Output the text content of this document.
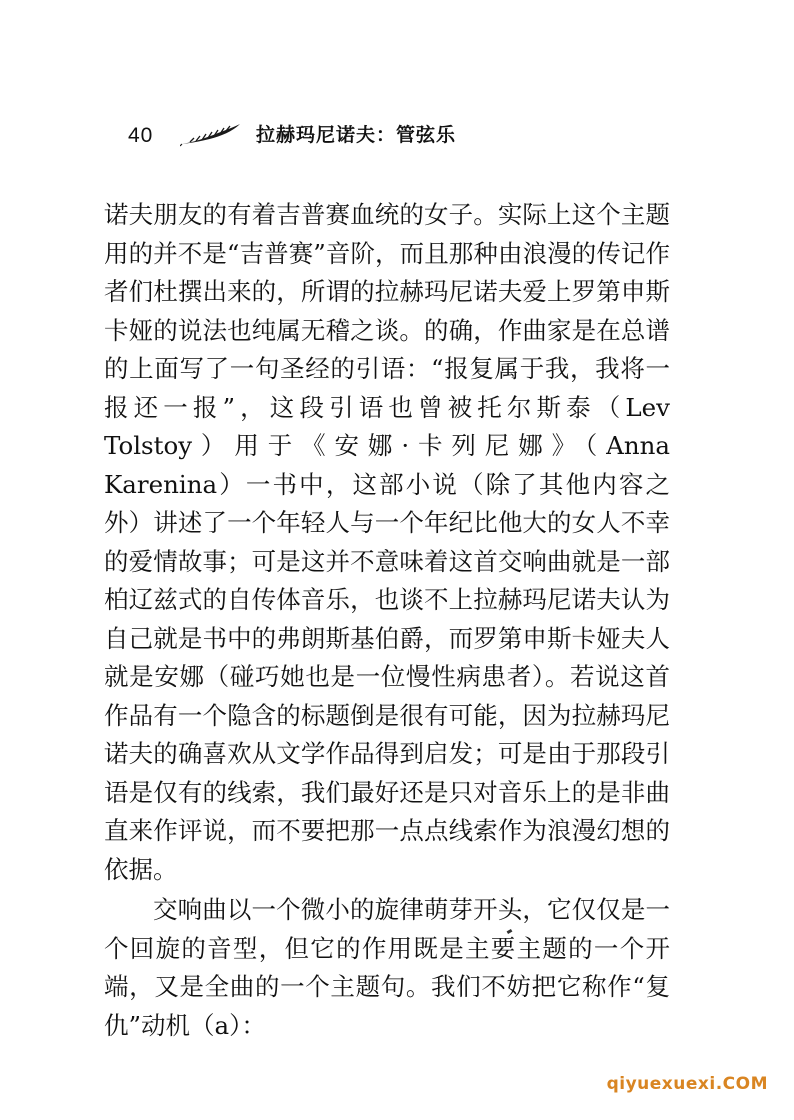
40	拉赫玛尼诺夫：管弦乐

诺夫朋友的有着吉普赛血统的女子。实际上这个主题用的并不是“吉普赛”音阶，而且那种由浪漫的传记作者们杜撰出来的，所谓的拉赫玛尼诺夫爱上罗第申斯卡娅的说法也纯属无稽之谈。的确，作曲家是在总谱的上面写了一句圣经的引语：“报复属于我，我将一报还一报”，这段引语也曾被托尔斯泰（Lev Tolstoy）用于《安娜·卡列尼娜》（Anna Karenina）一书中，这部小说（除了其他内容之外）讲述了一个年轻人与一个年纪比他大的女人不幸的爱情故事；可是这并不意味着这首交响曲就是一部柏辽兹式的自传体音乐，也谈不上拉赫玛尼诺夫认为自己就是书中的弗朗斯基伯爵，而罗第申斯卡娅夫人就是安娜（碰巧她也是一位慢性病患者）。若说这首作品有一个隐含的标题倒是很有可能，因为拉赫玛尼诺夫的确喜欢从文学作品得到启发；可是由于那段引语是仅有的线索，我们最好还是只对音乐上的是非曲直来作评说，而不要把那一点点线索作为浪漫幻想的依据。

交响曲以一个微小的旋律萌芽开头，它仅仅是一个回旋的音型，但它的作用既是主要主题的一个开端，又是全曲的一个主题句。我们不妨把它称作“复仇”动机（a）：

qiyuexuexi.COM
